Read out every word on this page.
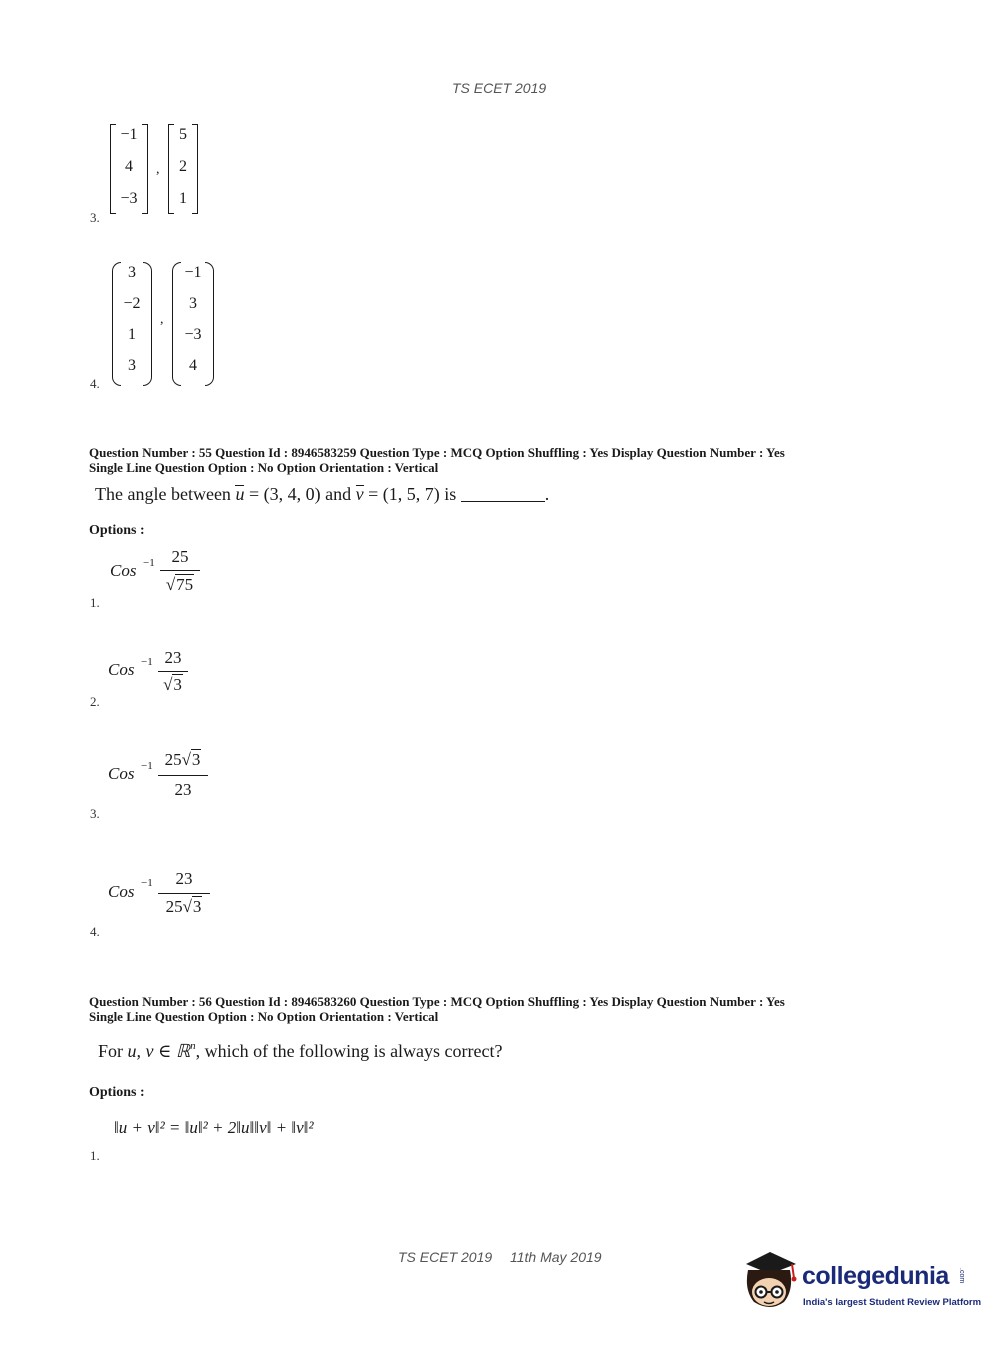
TS ECET 2019
−1
4
−3
,
5
2
1
3.
3
−2
1
3
,
−1
3
−3
4
4.
Question Number : 55 Question Id : 8946583259 Question Type : MCQ Option Shuffling : Yes Display Question Number : Yes
Single Line Question Option : No Option Orientation : Vertical
The angle between u = (3, 4, 0) and v = (1, 5, 7) is	.
Options :
Cos −1 25
√75
1.
Cos −1 23
√3
2.
Cos −1 25√3
23
3.
Cos −1	23
25√3
4.
Question Number : 56 Question Id : 8946583260 Question Type : MCQ Option Shuffling : Yes Display Question Number : Yes
Single Line Question Option : No Option Orientation : Vertical
For u, v ∈ ℝ$^n$, which of the following is always correct?
Options :
‖u + v‖² = ‖u‖² + 2‖u‖‖v‖ + ‖v‖²
1.
TS ECET 2019 11th May 2019
collegedunia .com
India's largest Student Review Platform
